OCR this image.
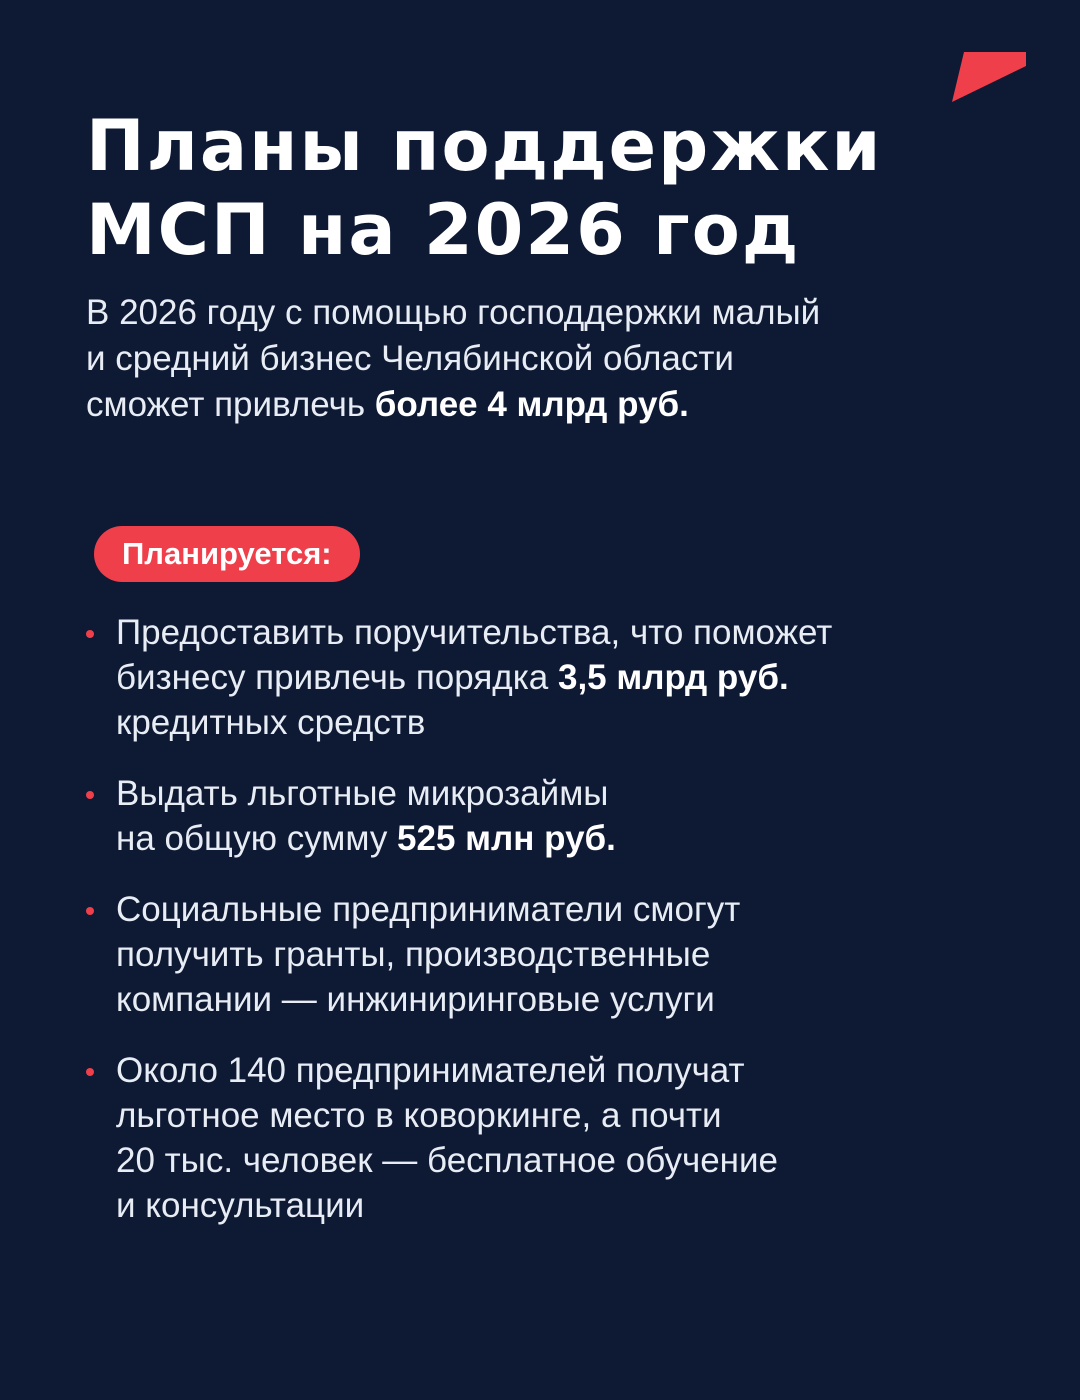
Планы поддержки
МСП на 2026 год

В 2026 году с помощью господдержки малый
и средний бизнес Челябинской области
сможет привлечь более 4 млрд руб.

Планируется:
Предоставить поручительства, что поможет
бизнесу привлечь порядка 3,5 млрд руб.
кредитных средств
Выдать льготные микрозаймы
на общую сумму 525 млн руб.
Социальные предприниматели смогут
получить гранты, производственные
компании — инжиниринговые услуги
Около 140 предпринимателей получат
льготное место в коворкинге, а почти
20 тыс. человек — бесплатное обучение
и консультации
